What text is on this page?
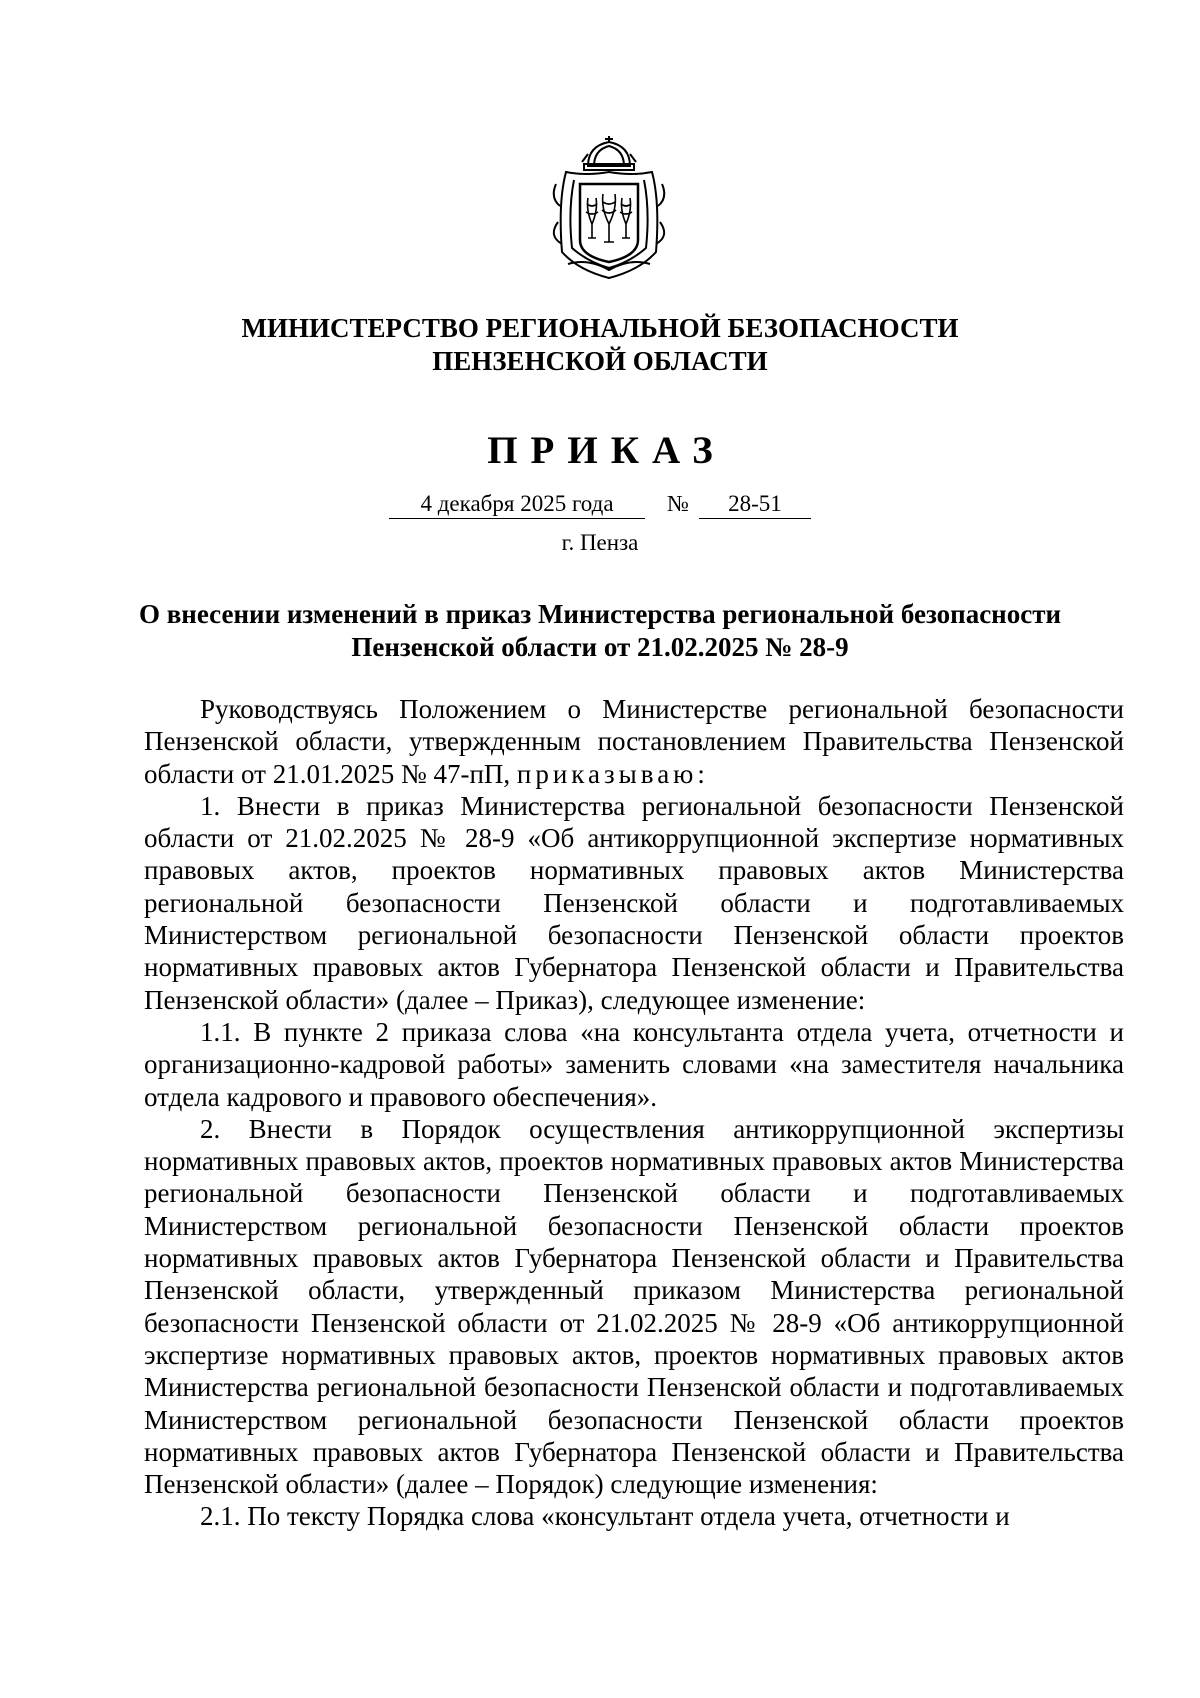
МИНИСТЕРСТВО РЕГИОНАЛЬНОЙ БЕЗОПАСНОСТИ
ПЕНЗЕНСКОЙ ОБЛАСТИ
ПРИКАЗ
4 декабря 2025 года № 28-51
г. Пенза
О внесении изменений в приказ Министерства региональной безопасности
Пензенской области от 21.02.2025 № 28-9

Руководствуясь Положением о Министерстве региональной безопасности Пензенской области, утвержденным постановлением Правительства Пензенской области от 21.01.2025 № 47-пП, приказываю:

1. Внести в приказ Министерства региональной безопасности Пензенской области от 21.02.2025 № 28-9 «Об антикоррупционной экспертизе нормативных правовых актов, проектов нормативных правовых актов Министерства региональной безопасности Пензенской области и подготавливаемых Министерством региональной безопасности Пензенской области проектов нормативных правовых актов Губернатора Пензенской области и Правительства Пензенской области» (далее – Приказ), следующее изменение:

1.1. В пункте 2 приказа слова «на консультанта отдела учета, отчетности и организационно-кадровой работы» заменить словами «на заместителя начальника отдела кадрового и правового обеспечения».

2. Внести в Порядок осуществления антикоррупционной экспертизы нормативных правовых актов, проектов нормативных правовых актов Министерства региональной безопасности Пензенской области и подготавливаемых Министерством региональной безопасности Пензенской области проектов нормативных правовых актов Губернатора Пензенской области и Правительства Пензенской области, утвержденный приказом Министерства региональной безопасности Пензенской области от 21.02.2025 № 28-9 «Об антикоррупционной экспертизе нормативных правовых актов, проектов нормативных правовых актов Министерства региональной безопасности Пензенской области и подготавливаемых Министерством региональной безопасности Пензенской области проектов нормативных правовых актов Губернатора Пензенской области и Правительства Пензенской области» (далее – Порядок) следующие изменения:

2.1. По тексту Порядка слова «консультант отдела учета, отчетности и
